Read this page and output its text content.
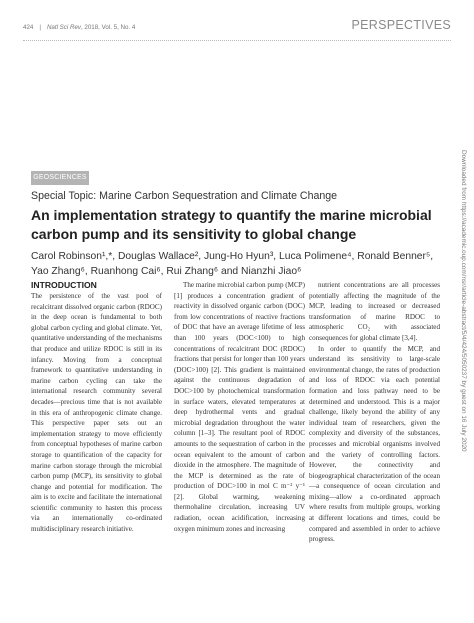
424 | Natl Sci Rev, 2018, Vol. 5, No. 4	PERSPECTIVES
GEOSCIENCES
Special Topic: Marine Carbon Sequestration and Climate Change
An implementation strategy to quantify the marine microbial carbon pump and its sensitivity to global change
Carol Robinson¹,*, Douglas Wallace², Jung-Ho Hyun³, Luca Polimene⁴, Ronald Benner⁵, Yao Zhang⁶, Ruanhong Cai⁶, Rui Zhang⁶ and Nianzhi Jiao⁶
INTRODUCTION

The persistence of the vast pool of recalcitrant dissolved organic carbon (RDOC) in the deep ocean is fundamental to both global carbon cycling and global climate. Yet, quantitative understanding of the mechanisms that produce and utilize RDOC is still in its infancy. Moving from a conceptual framework to quantitative understanding in marine carbon cycling can take the international research community several decades—precious time that is not available in this era of anthropogenic climate change. This perspective paper sets out an implementation strategy to move efficiently from conceptual hypotheses of marine carbon storage to quantification of the capacity for marine carbon storage through the microbial carbon pump (MCP), its sensitivity to global change and potential for modification. The aim is to excite and facilitate the international scientific community to hasten this process via an internationally co-ordinated multidisciplinary research initiative.

The marine microbial carbon pump (MCP) [1] produces a concentration gradient of reactivity in dissolved organic carbon (DOC) from low concentrations of reactive fractions of DOC that have an average lifetime of less than 100 years (DOC<100) to high concentrations of recalcitrant DOC (RDOC) fractions that persist for longer than 100 years (DOC>100) [2]. This gradient is maintained against the continuous degradation of DOC>100 by photochemical transformation in surface waters, elevated temperatures at deep hydrothermal vents and gradual microbial degradation throughout the water column [1–3]. The resultant pool of RDOC amounts to the sequestration of carbon in the ocean equivalent to the amount of carbon dioxide in the atmosphere. The magnitude of the MCP is determined as the rate of production of DOC>100 in mol C m⁻² y⁻¹ [2]. Global warming, weakening thermohaline circulation, increasing UV radiation, ocean acidification, increasing oxygen minimum zones and increasing

nutrient concentrations are all processes potentially affecting the magnitude of the MCP, leading to increased or decreased transformation of marine RDOC to atmospheric CO₂ with associated consequences for global climate [3,4].

In order to quantify the MCP, and understand its sensitivity to large-scale environmental change, the rates of production and loss of RDOC via each potential formation and loss pathway need to be determined and understood. This is a major challenge, likely beyond the ability of any individual team of researchers, given the complexity and diversity of the substances, processes and microbial organisms involved and the variety of controlling factors. However, the connectivity and biogeographical characterization of the ocean—a consequence of ocean circulation and mixing—allow a co-ordinated approach where results from multiple groups, working at different locations and times, could be compared and assembled in order to achieve progress.

Downloaded from https://academic.oup.com/nsr/article-abstract/5/4/424/5050237 by guest on 16 July 2020
